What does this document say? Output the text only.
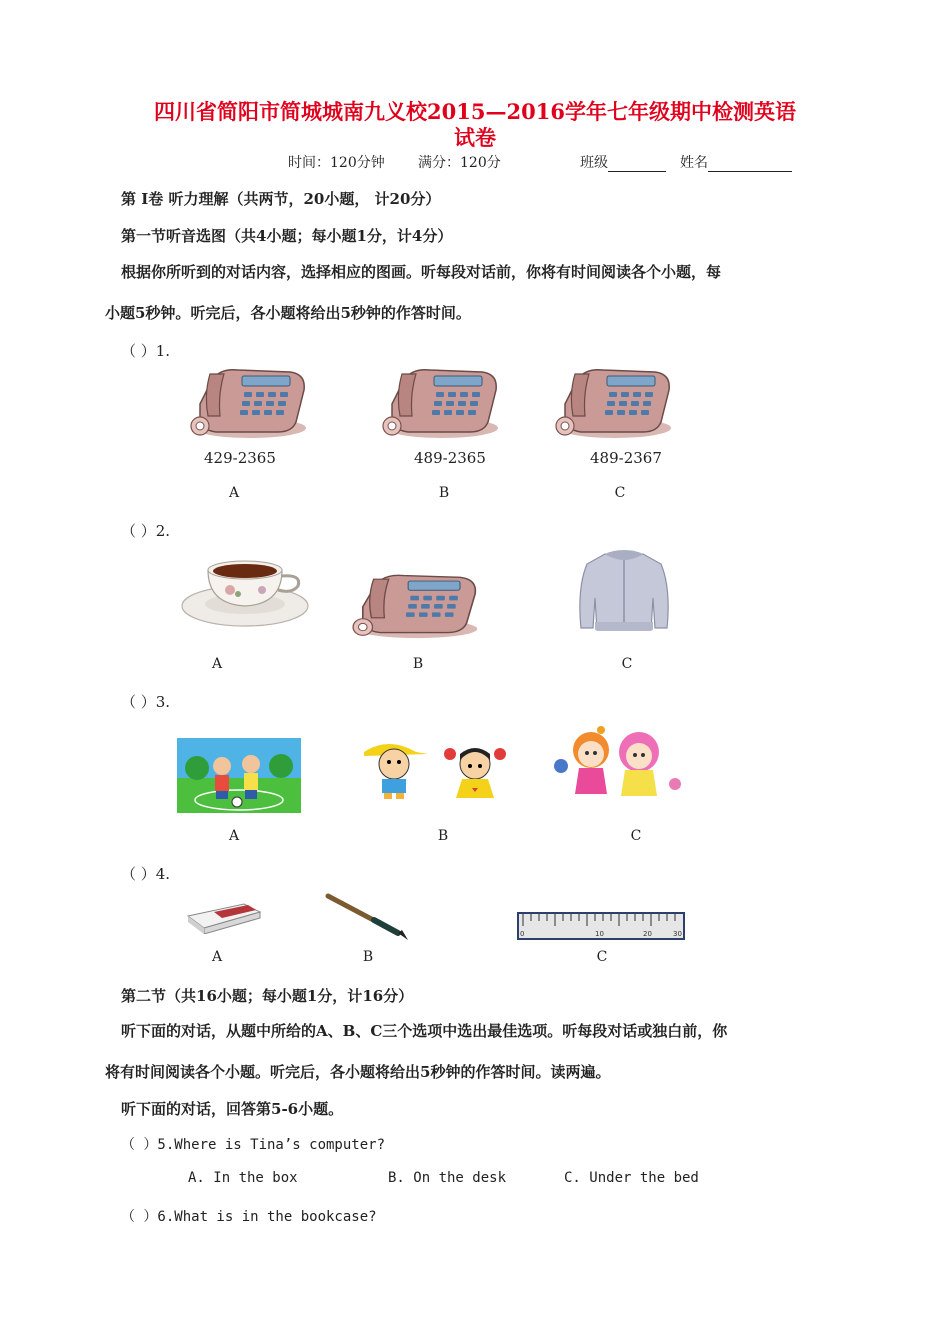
四川省简阳市简城城南九义校2015—2016学年七年级期中检测英语
试卷
时间：120分钟 满分：120分	班级	姓名
第 Ⅰ卷 听力理解（共两节，20小题， 计20分）
第一节听音选图（共4小题；每小题1分，计4分）
根据你所听到的对话内容，选择相应的图画。听每段对话前，你将有时间阅读各个小题，每
小题5秒钟。听完后，各小题将给出5秒钟的作答时间。
（ ）1.
429-2365	489-2365	489-2367
A	B	C
（ ）2.
A	B	C
（ ）3.
A	B	C
（ ）4.
0	10	20	30
A	B	C
第二节（共16小题；每小题1分，计16分）
听下面的对话，从题中所给的A、B、C三个选项中选出最佳选项。听每段对话或独白前，你
将有时间阅读各个小题。听完后，各小题将给出5秒钟的作答时间。读两遍。
听下面的对话，回答第5-6小题。
（ ）5.Where is Tina’s computer?
A. In the box	B. On the desk	C. Under the bed
（ ）6.What is in the bookcase?
